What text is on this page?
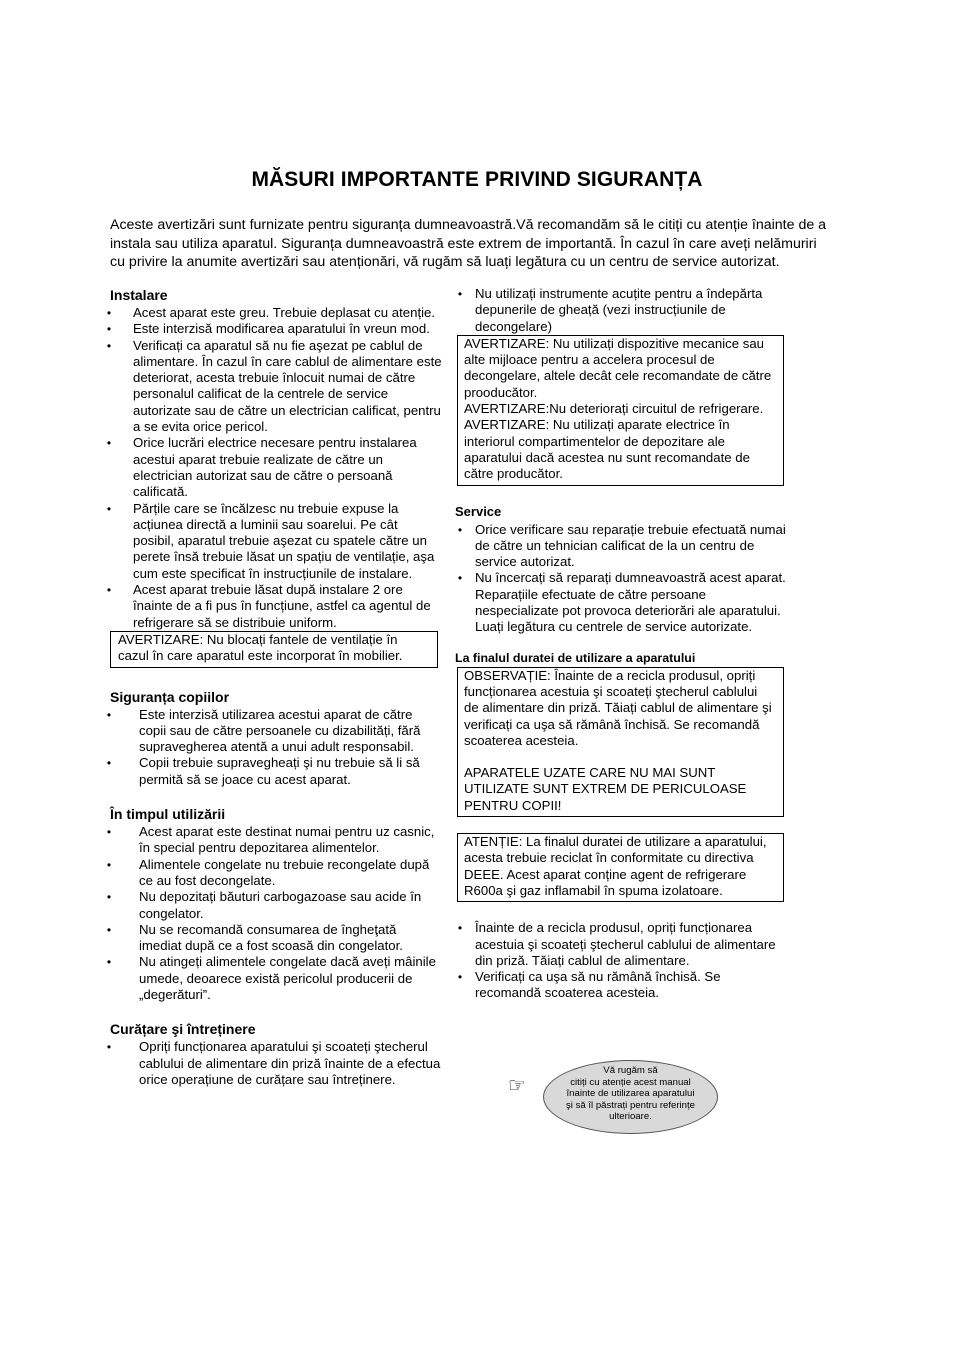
MĂSURI IMPORTANTE PRIVIND SIGURANȚA
Aceste avertizări sunt furnizate pentru siguranța dumneavoastră.Vă recomandăm să le citiți cu atenție înainte de a instala sau utiliza aparatul. Siguranța dumneavoastră este extrem de importantă. În cazul în care aveți nelămuriri cu privire la anumite avertizări sau atenționări, vă rugăm să luați legătura cu un centru de service autorizat.
Instalare
• Acest aparat este greu. Trebuie deplasat cu atenție.
• Este interzisă modificarea aparatului în vreun mod.
• Verificați ca aparatul să nu fie aşezat pe cablul de alimentare. În cazul în care cablul de alimentare este deteriorat, acesta trebuie înlocuit numai de către personalul calificat de la centrele de service autorizate sau de către un electrician calificat, pentru a se evita orice pericol.
• Orice lucrări electrice necesare pentru instalarea acestui aparat trebuie realizate de către un electrician autorizat sau de către o persoană calificată.
• Părțile care se încălzesc nu trebuie expuse la acțiunea directă a luminii sau soarelui. Pe cât posibil, aparatul trebuie aşezat cu spatele către un perete însă trebuie lăsat un spațiu de ventilație, aşa cum este specificat în instrucțiunile de instalare.
• Acest aparat trebuie lăsat după instalare 2 ore înainte de a fi pus în funcțiune, astfel ca agentul de refrigerare să se distribuie uniform.
AVERTIZARE: Nu blocați fantele de ventilație în cazul în care aparatul este incorporat în mobilier.
Siguranța copiilor
• Este interzisă utilizarea acestui aparat de către copii sau de către persoanele cu dizabilități, fără supravegherea atentă a unui adult responsabil.
• Copii trebuie supravegheați şi nu trebuie să li să permită să se joace cu acest aparat.
În timpul utilizării
• Acest aparat este destinat numai pentru uz casnic, în special pentru depozitarea alimentelor.
• Alimentele congelate nu trebuie recongelate după ce au fost decongelate.
• Nu depozitați băuturi carbogazoase sau acide în congelator.
• Nu se recomandă consumarea de îngheţată imediat după ce a fost scoasă din congelator.
• Nu atingeți alimentele congelate dacă aveți mâinile umede, deoarece există pericolul producerii de „degerături”.
Curățare şi întreținere
• Opriți funcționarea aparatului şi scoateți ştecherul cablului de alimentare din priză înainte de a efectua orice operațiune de curățare sau întreținere.
• Nu utilizați instrumente acuțite pentru a îndepărta depunerile de gheață (vezi instrucțiunile de decongelare)
AVERTIZARE: Nu utilizați dispozitive mecanice sau alte mijloace pentru a accelera procesul de decongelare, altele decât cele recomandate de către prooducător.
AVERTIZARE:Nu deteriorați circuitul de refrigerare.
AVERTIZARE: Nu utilizați aparate electrice în interiorul compartimentelor de depozitare ale aparatului dacă acestea nu sunt recomandate de către producător.
Service
• Orice verificare sau reparație trebuie efectuată numai de către un tehnician calificat de la un centru de service autorizat.
• Nu încercați să reparați dumneavoastră acest aparat. Reparațiile efectuate de către persoane nespecializate pot provoca deteriorări ale aparatului. Luați legătura cu centrele de service autorizate.
La finalul duratei de utilizare a aparatului
OBSERVAȚIE: Înainte de a recicla produsul, opriți funcționarea acestuia şi scoateți ştecherul cablului de alimentare din priză. Tăiați cablul de alimentare şi verificați ca uşa să rămână închisă. Se recomandă scoaterea acesteia.
APARATELE UZATE CARE NU MAI SUNT UTILIZATE SUNT EXTREM DE PERICULOASE PENTRU COPII!
ATENȚIE: La finalul duratei de utilizare a aparatului, acesta trebuie reciclat în conformitate cu directiva DEEE. Acest aparat conține agent de refrigerare R600a şi gaz inflamabil în spuma izolatoare.
• Înainte de a recicla produsul, opriți funcționarea acestuia şi scoateți ştecherul cablului de alimentare din priză. Tăiați cablul de alimentare.
• Verificați ca uşa să nu rămână închisă. Se recomandă scoaterea acesteia.
☞
Vă rugăm să
citiți cu atenție acest manual
înainte de utilizarea aparatului
şi să îl păstrați pentru referințe
ulterioare.
